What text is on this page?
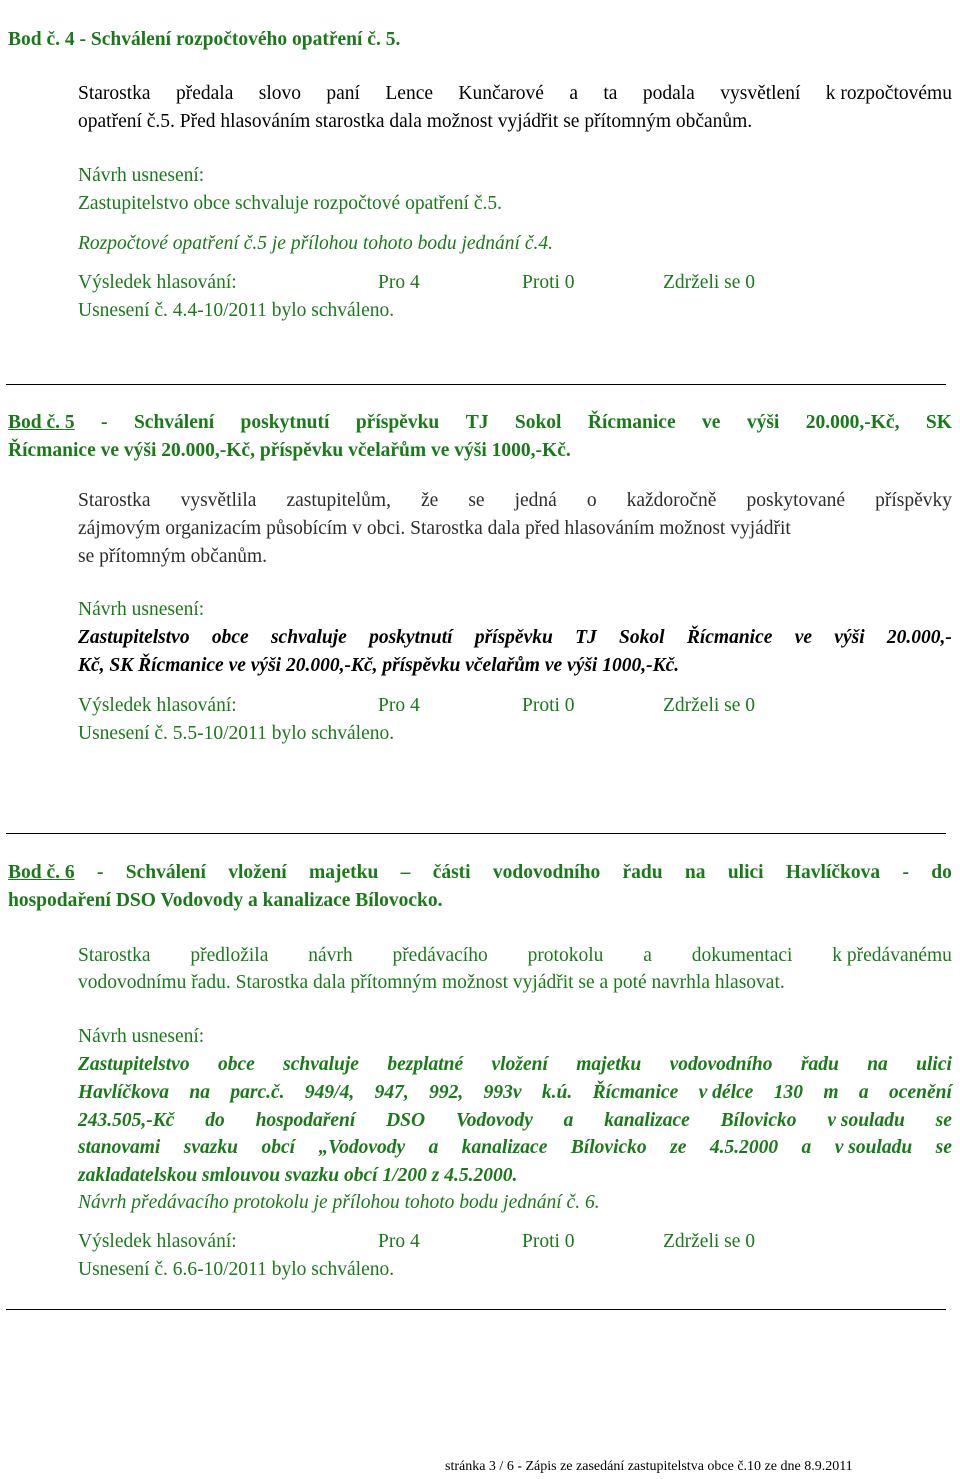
Bod č. 4 - Schválení rozpočtového opatření č. 5.
Starostka předala slovo paní Lence Kunčarové a ta podala vysvětlení k rozpočtovému
opatření č.5. Před hlasováním starostka dala možnost vyjádřit se přítomným občanům.
Návrh usnesení:
Zastupitelstvo obce schvaluje rozpočtové opatření č.5.
Rozpočtové opatření č.5 je přílohou tohoto bodu jednání č.4.
Výsledek hlasování:	Pro 4	Proti 0	Zdrželi se 0
Usnesení č. 4.4-10/2011 bylo schváleno.
Bod č. 5 - Schválení poskytnutí příspěvku TJ Sokol Řícmanice ve výši 20.000,-Kč, SK
Řícmanice ve výši 20.000,-Kč, příspěvku včelařům ve výši 1000,-Kč.
Starostka vysvětlila zastupitelům, že se jedná o každoročně poskytované příspěvky
zájmovým organizacím působícím v obci. Starostka dala před hlasováním možnost vyjádřit
se přítomným občanům.
Návrh usnesení:
Zastupitelstvo obce schvaluje poskytnutí příspěvku TJ Sokol Řícmanice ve výši 20.000,-
Kč, SK Řícmanice ve výši 20.000,-Kč, příspěvku včelařům ve výši 1000,-Kč.
Výsledek hlasování:	Pro 4	Proti 0	Zdrželi se 0
Usnesení č. 5.5-10/2011 bylo schváleno.
Bod č. 6 - Schválení vložení majetku – části vodovodního řadu na ulici Havlíčkova - do
hospodaření DSO Vodovody a kanalizace Bílovocko.
Starostka předložila návrh předávacího protokolu a dokumentaci k předávanému
vodovodnímu řadu. Starostka dala přítomným možnost vyjádřit se a poté navrhla hlasovat.
Návrh usnesení:
Zastupitelstvo obce schvaluje bezplatné vložení majetku vodovodního řadu na ulici
Havlíčkova na parc.č. 949/4, 947, 992, 993v k.ú. Řícmanice v délce 130 m a ocenění
243.505,-Kč do hospodaření DSO Vodovody a kanalizace Bílovicko v souladu se
stanovami svazku obcí „Vodovody a kanalizace Bílovicko ze 4.5.2000 a v souladu se
zakladatelskou smlouvou svazku obcí 1/200 z 4.5.2000.
Návrh předávacího protokolu je přílohou tohoto bodu jednání č. 6.
Výsledek hlasování:	Pro 4	Proti 0	Zdrželi se 0
Usnesení č. 6.6-10/2011 bylo schváleno.
stránka 3 / 6 - Zápis ze zasedání zastupitelstva obce č.10 ze dne 8.9.2011
